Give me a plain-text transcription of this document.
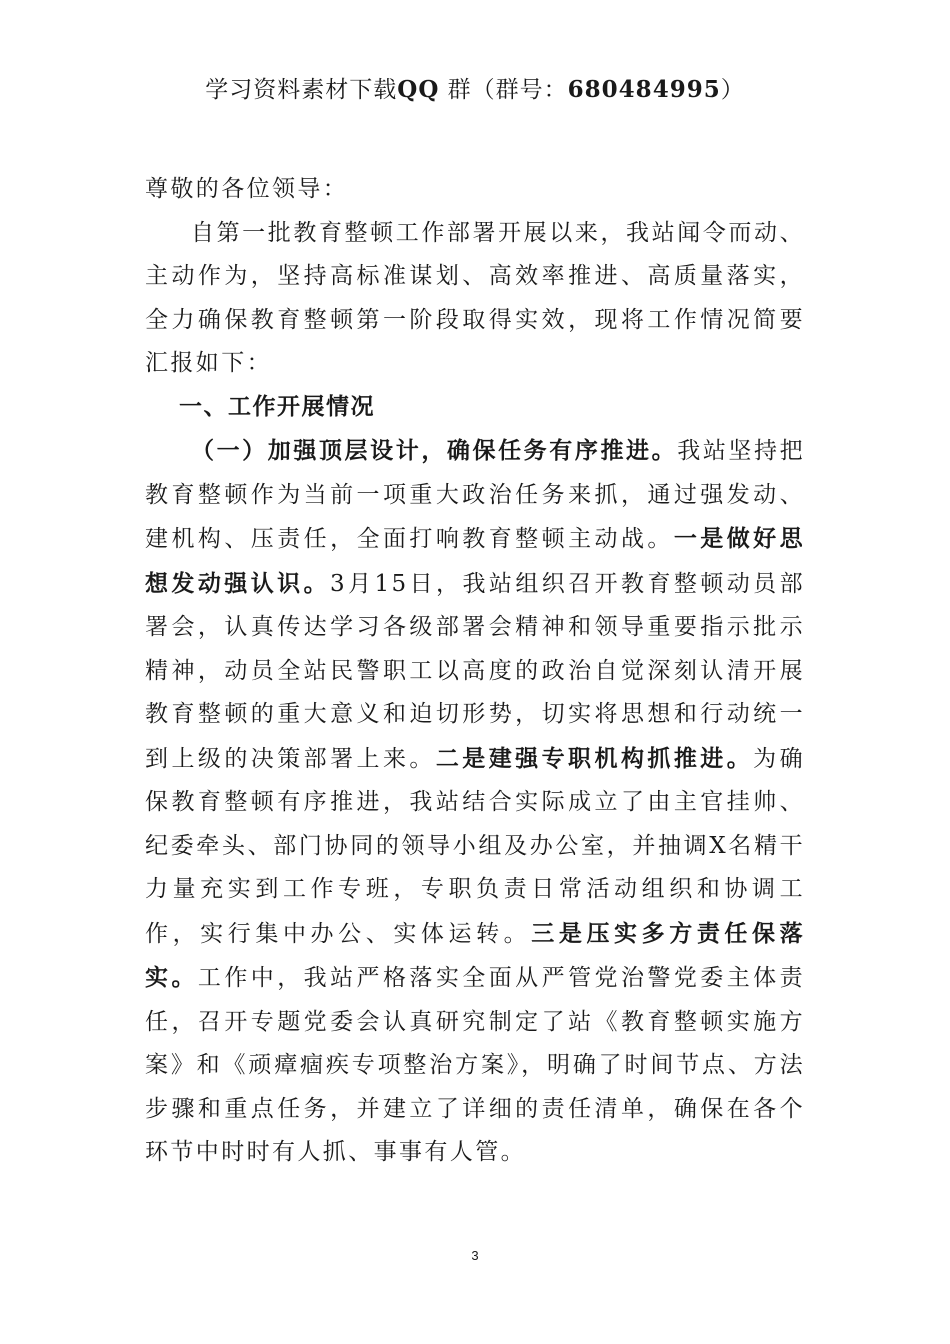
学习资料素材下载QQ 群（群号：680484995）

尊敬的各位领导：

自第一批教育整顿工作部署开展以来，我站闻令而动、主动作为，坚持高标准谋划、高效率推进、高质量落实，全力确保教育整顿第一阶段取得实效，现将工作情况简要汇报如下：

一、工作开展情况

（一）加强顶层设计，确保任务有序推进。我站坚持把教育整顿作为当前一项重大政治任务来抓，通过强发动、建机构、压责任，全面打响教育整顿主动战。一是做好思想发动强认识。3月15日，我站组织召开教育整顿动员部署会，认真传达学习各级部署会精神和领导重要指示批示精神，动员全站民警职工以高度的政治自觉深刻认清开展教育整顿的重大意义和迫切形势，切实将思想和行动统一到上级的决策部署上来。二是建强专职机构抓推进。为确保教育整顿有序推进，我站结合实际成立了由主官挂帅、纪委牵头、部门协同的领导小组及办公室，并抽调X名精干力量充实到工作专班，专职负责日常活动组织和协调工作，实行集中办公、实体运转。三是压实多方责任保落实。工作中，我站严格落实全面从严管党治警党委主体责任，召开专题党委会认真研究制定了站《教育整顿实施方案》和《顽瘴痼疾专项整治方案》，明确了时间节点、方法步骤和重点任务，并建立了详细的责任清单，确保在各个环节中时时有人抓、事事有人管。

3
